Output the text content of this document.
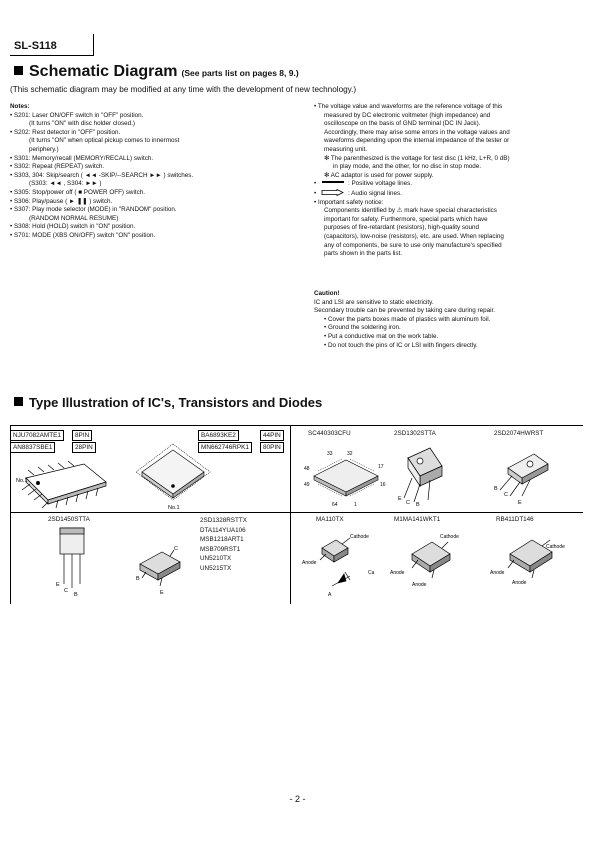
SL-S118
Schematic Diagram (See parts list on pages 8, 9.)
(This schematic diagram may be modified at any time with the development of new technology.)
Notes:
• S201: Laser ON/OFF switch in "OFF" position.
(It turns "ON" with disc holder closed.)
• S202: Rest detector in "OFF" position.
(It turns "ON" when optical pickup comes to innermost
periphery.)
• S301: Memory/recall (MEMORY/RECALL) switch.
• S302: Repeat (REPEAT) switch.
• S303, 304: Skip/search ( ◄◄ -SKIP/--SEARCH ►► ) switches.
(S303: ◄◄ , S304: ►► )
• S305: Stop/power off ( ■ POWER OFF) switch.
• S306: Play/pause ( ► ❚❚ ) switch.
• S307: Play mode selector (MODE) in "RANDOM" position.
(RANDOM NORMAL RESUME)
• S308: Hold (HOLD) switch in "ON" position.
• S701: MODE (XBS ON/OFF) switch "ON" position.
• The voltage value and waveforms are the reference voltage of this
measured by DC electronic voltmeter (high impedance) and
oscilloscope on the basis of GND terminal (DC IN Jack).
Accordingly, there may arise some errors in the voltage values and
waveforms depending upon the internal impedance of the tester or
measuring unit.
✻ The parenthesized is the voltage for test disc (1 kHz, L+R, 0 dB)
in play mode, and the other, for no disc in stop mode.
✻ AC adaptor is used for power supply.
•	: Positive voltage lines.
•	: Audio signal lines.
• Important safety notice:
Components identified by ⚠ mark have special characteristics
important for safety. Furthermore, special parts which have
purposes of fire-retardant (resistors), high-quality sound
(capacitors), low-noise (resistors), etc. are used. When replacing
any of components, be sure to use only manufacture's specified
parts shown in the parts list.
Caution!
IC and LSI are sensitive to static electricity.
Secondary trouble can be prevented by taking care during repair.
• Cover the parts boxes made of plastics with aluminum foil.
• Ground the soldering iron.
• Put a conductive mat on the work table.
• Do not touch the pins of IC or LSI with fingers directly.
Type Illustration of IC's, Transistors and Diodes
NJU7082AMTE1	8PIN
AN8837SBE1	28PIN
No.1
BA6893KE2	44PIN
MN662746RPK1	80PIN
No.1
SC440303CFU
33	32
48	17
49	16
64	1
2SD1302STTA
E
C B
2SD2074HWRST
B
C
E
2SD1450STTA
E
C
B
2SD1328RSTTX
DTA114YUA106
MSB1218ART1
MSB709RST1
UN5210TX
UN5215TX
C
B
E
MA110TX
Cathode
Anode
Ca
A
M1MA141WKT1
Cathode
Anode
Anode
RB411DT146
Cathode
Anode
Anode
- 2 -
